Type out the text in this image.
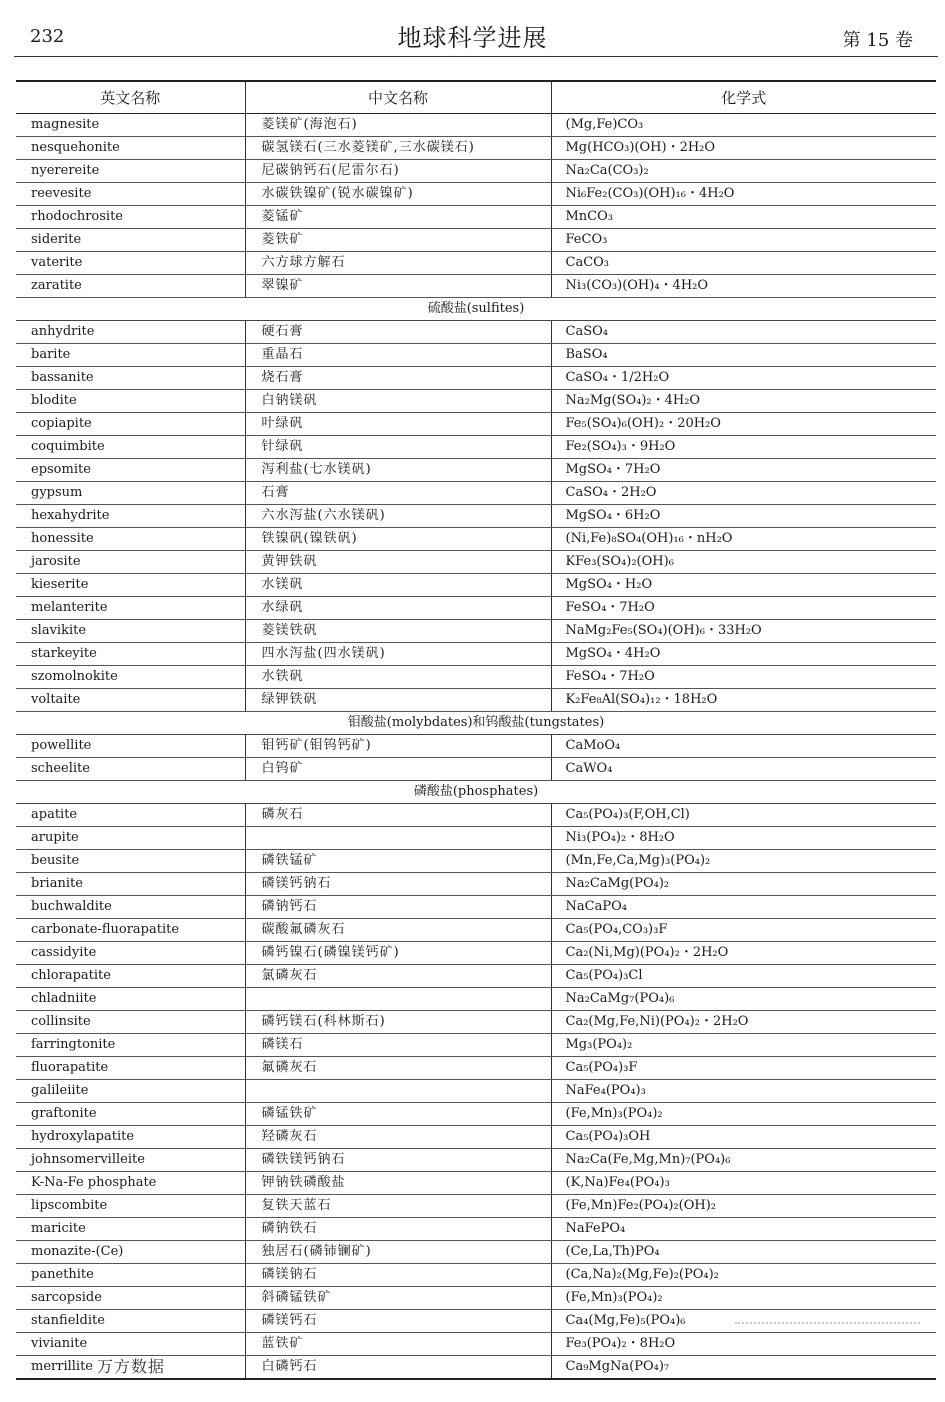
232	地球科学进展	第 15 卷
英文名称	中文名称	化学式
magnesite	菱镁矿(海泡石)	(Mg,Fe)CO₃
nesquehonite	碳氢镁石(三水菱镁矿,三水碳镁石)	Mg(HCO₃)(OH)・2H₂O
nyerereite	尼碳钠钙石(尼雷尔石)	Na₂Ca(CO₃)₂
reevesite	水碳铁镍矿(锐水碳镍矿)	Ni₆Fe₂(CO₃)(OH)₁₆・4H₂O
rhodochrosite	菱锰矿	MnCO₃
siderite	菱铁矿	FeCO₃
vaterite	六方球方解石	CaCO₃
zaratite	翠镍矿	Ni₃(CO₃)(OH)₄・4H₂O
硫酸盐(sulfites)		
anhydrite	硬石膏	CaSO₄
barite	重晶石	BaSO₄
bassanite	烧石膏	CaSO₄・1/2H₂O
blodite	白钠镁矾	Na₂Mg(SO₄)₂・4H₂O
copiapite	叶绿矾	Fe₅(SO₄)₆(OH)₂・20H₂O
coquimbite	针绿矾	Fe₂(SO₄)₃・9H₂O
epsomite	泻利盐(七水镁矾)	MgSO₄・7H₂O
gypsum	石膏	CaSO₄・2H₂O
hexahydrite	六水泻盐(六水镁矾)	MgSO₄・6H₂O
honessite	铁镍矾(镍铁矾)	(Ni,Fe)₈SO₄(OH)₁₆・nH₂O
jarosite	黄钾铁矾	KFe₃(SO₄)₂(OH)₆
kieserite	水镁矾	MgSO₄・H₂O
melanterite	水绿矾	FeSO₄・7H₂O
slavikite	菱镁铁矾	NaMg₂Fe₅(SO₄)(OH)₆・33H₂O
starkeyite	四水泻盐(四水镁矾)	MgSO₄・4H₂O
szomolnokite	水铁矾	FeSO₄・7H₂O
voltaite	绿钾铁矾	K₂Fe₈Al(SO₄)₁₂・18H₂O
钼酸盐(molybdates)和钨酸盐(tungstates)		
powellite	钼钙矿(钼钨钙矿)	CaMoO₄
scheelite	白钨矿	CaWO₄
磷酸盐(phosphates)		
apatite	磷灰石	Ca₅(PO₄)₃(F,OH,Cl)
arupite		Ni₃(PO₄)₂・8H₂O
beusite	磷铁锰矿	(Mn,Fe,Ca,Mg)₃(PO₄)₂
brianite	磷镁钙钠石	Na₂CaMg(PO₄)₂
buchwaldite	磷钠钙石	NaCaPO₄
carbonate-fluorapatite	碳酸氟磷灰石	Ca₅(PO₄,CO₃)₃F
cassidyite	磷钙镍石(磷镍镁钙矿)	Ca₂(Ni,Mg)(PO₄)₂・2H₂O
chlorapatite	氯磷灰石	Ca₅(PO₄)₃Cl
chladniite		Na₂CaMg₇(PO₄)₆
collinsite	磷钙镁石(科林斯石)	Ca₂(Mg,Fe,Ni)(PO₄)₂・2H₂O
farringtonite	磷镁石	Mg₃(PO₄)₂
fluorapatite	氟磷灰石	Ca₅(PO₄)₃F
galileiite		NaFe₄(PO₄)₃
graftonite	磷锰铁矿	(Fe,Mn)₃(PO₄)₂
hydroxylapatite	羟磷灰石	Ca₅(PO₄)₃OH
johnsomervilleite	磷铁镁钙钠石	Na₂Ca(Fe,Mg,Mn)₇(PO₄)₆
K-Na-Fe phosphate	钾钠铁磷酸盐	(K,Na)Fe₄(PO₄)₃
lipscombite	复铁天蓝石	(Fe,Mn)Fe₂(PO₄)₂(OH)₂
maricite	磷钠铁石	NaFePO₄
monazite-(Ce)	独居石(磷铈镧矿)	(Ce,La,Th)PO₄
panethite	磷镁钠石	(Ca,Na)₂(Mg,Fe)₂(PO₄)₂
sarcopside	斜磷锰铁矿	(Fe,Mn)₃(PO₄)₂
stanfieldite	磷镁钙石	Ca₄(Mg,Fe)₅(PO₄)₆
vivianite	蓝铁矿	Fe₃(PO₄)₂・8H₂O
merrillite	白磷钙石	Ca₉MgNa(PO₄)₇
万方数据
